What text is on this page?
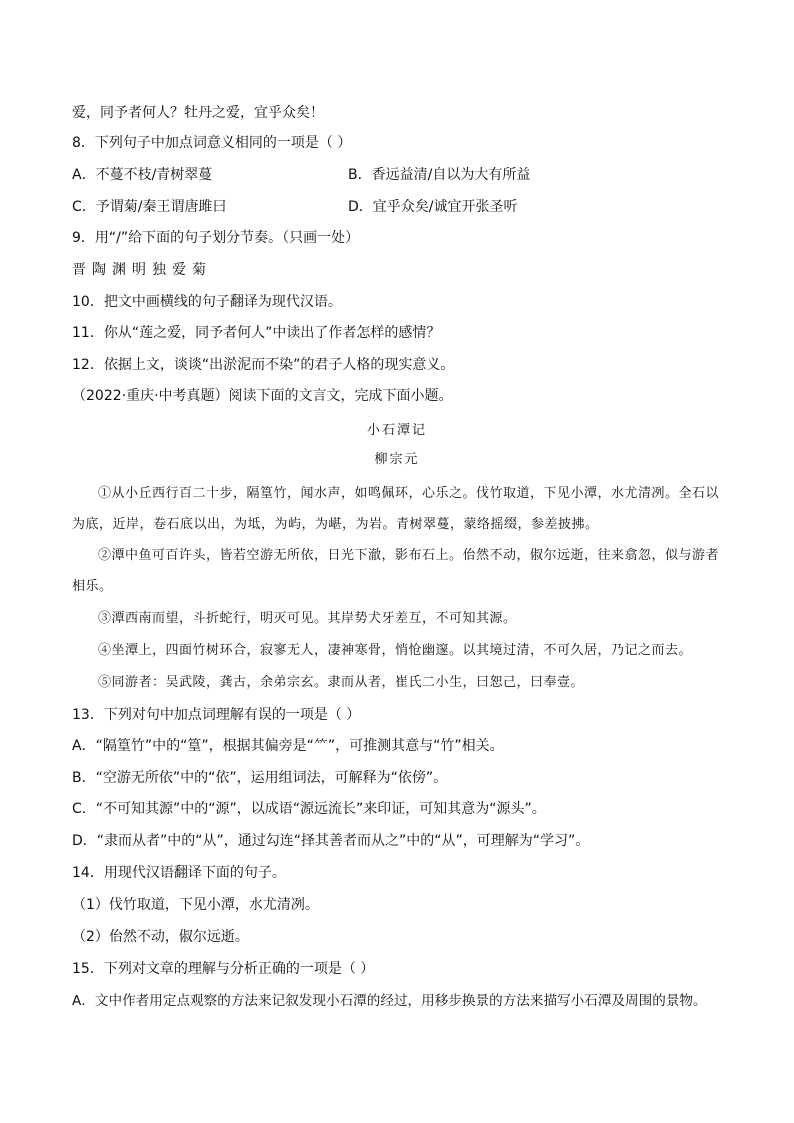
爱，同予者何人？牡丹之爱，宜乎众矣！
8．下列句子中加点词意义相同的一项是（ ）
A．不蔓不枝/青树翠蔓	B．香远益清/自以为大有所益
C．予谓菊/秦王谓唐雎曰	D．宜乎众矣/诚宜开张圣听
9．用“/”给下面的句子划分节奏。（只画一处）
晋陶渊明独爱菊
10．把文中画横线的句子翻译为现代汉语。
11．你从“莲之爱，同予者何人”中读出了作者怎样的感情？
12．依据上文，谈谈“出淤泥而不染”的君子人格的现实意义。
（2022·重庆·中考真题）阅读下面的文言文，完成下面小题。
小石潭记
柳宗元
①从小丘西行百二十步，隔篁竹，闻水声，如鸣佩环，心乐之。伐竹取道，下见小潭，水尤清冽。全石以为底，近岸，卷石底以出，为坻，为屿，为嵁，为岩。青树翠蔓，蒙络摇缀，参差披拂。
②潭中鱼可百许头，皆若空游无所依，日光下澈，影布石上。佁然不动，俶尔远逝，往来翕忽，似与游者相乐。
③潭西南而望，斗折蛇行，明灭可见。其岸势犬牙差互，不可知其源。
④坐潭上，四面竹树环合，寂寥无人，凄神寒骨，悄怆幽邃。以其境过清，不可久居，乃记之而去。
⑤同游者：吴武陵，龚古，余弟宗玄。隶而从者，崔氏二小生，曰恕己，曰奉壹。
13．下列对句中加点词理解有误的一项是（ ）
A．“隔篁竹”中的“篁”，根据其偏旁是“⺮”，可推测其意与“竹”相关。
B．“空游无所依”中的“依”，运用组词法，可解释为“依傍”。
C．“不可知其源”中的“源”，以成语“源远流长”来印证，可知其意为“源头”。
D．“隶而从者”中的“从”，通过勾连“择其善者而从之”中的“从”，可理解为“学习”。
14．用现代汉语翻译下面的句子。
（1）伐竹取道，下见小潭，水尤清冽。
（2）佁然不动，俶尔远逝。
15．下列对文章的理解与分析正确的一项是（ ）
A．文中作者用定点观察的方法来记叙发现小石潭的经过，用移步换景的方法来描写小石潭及周围的景物。
